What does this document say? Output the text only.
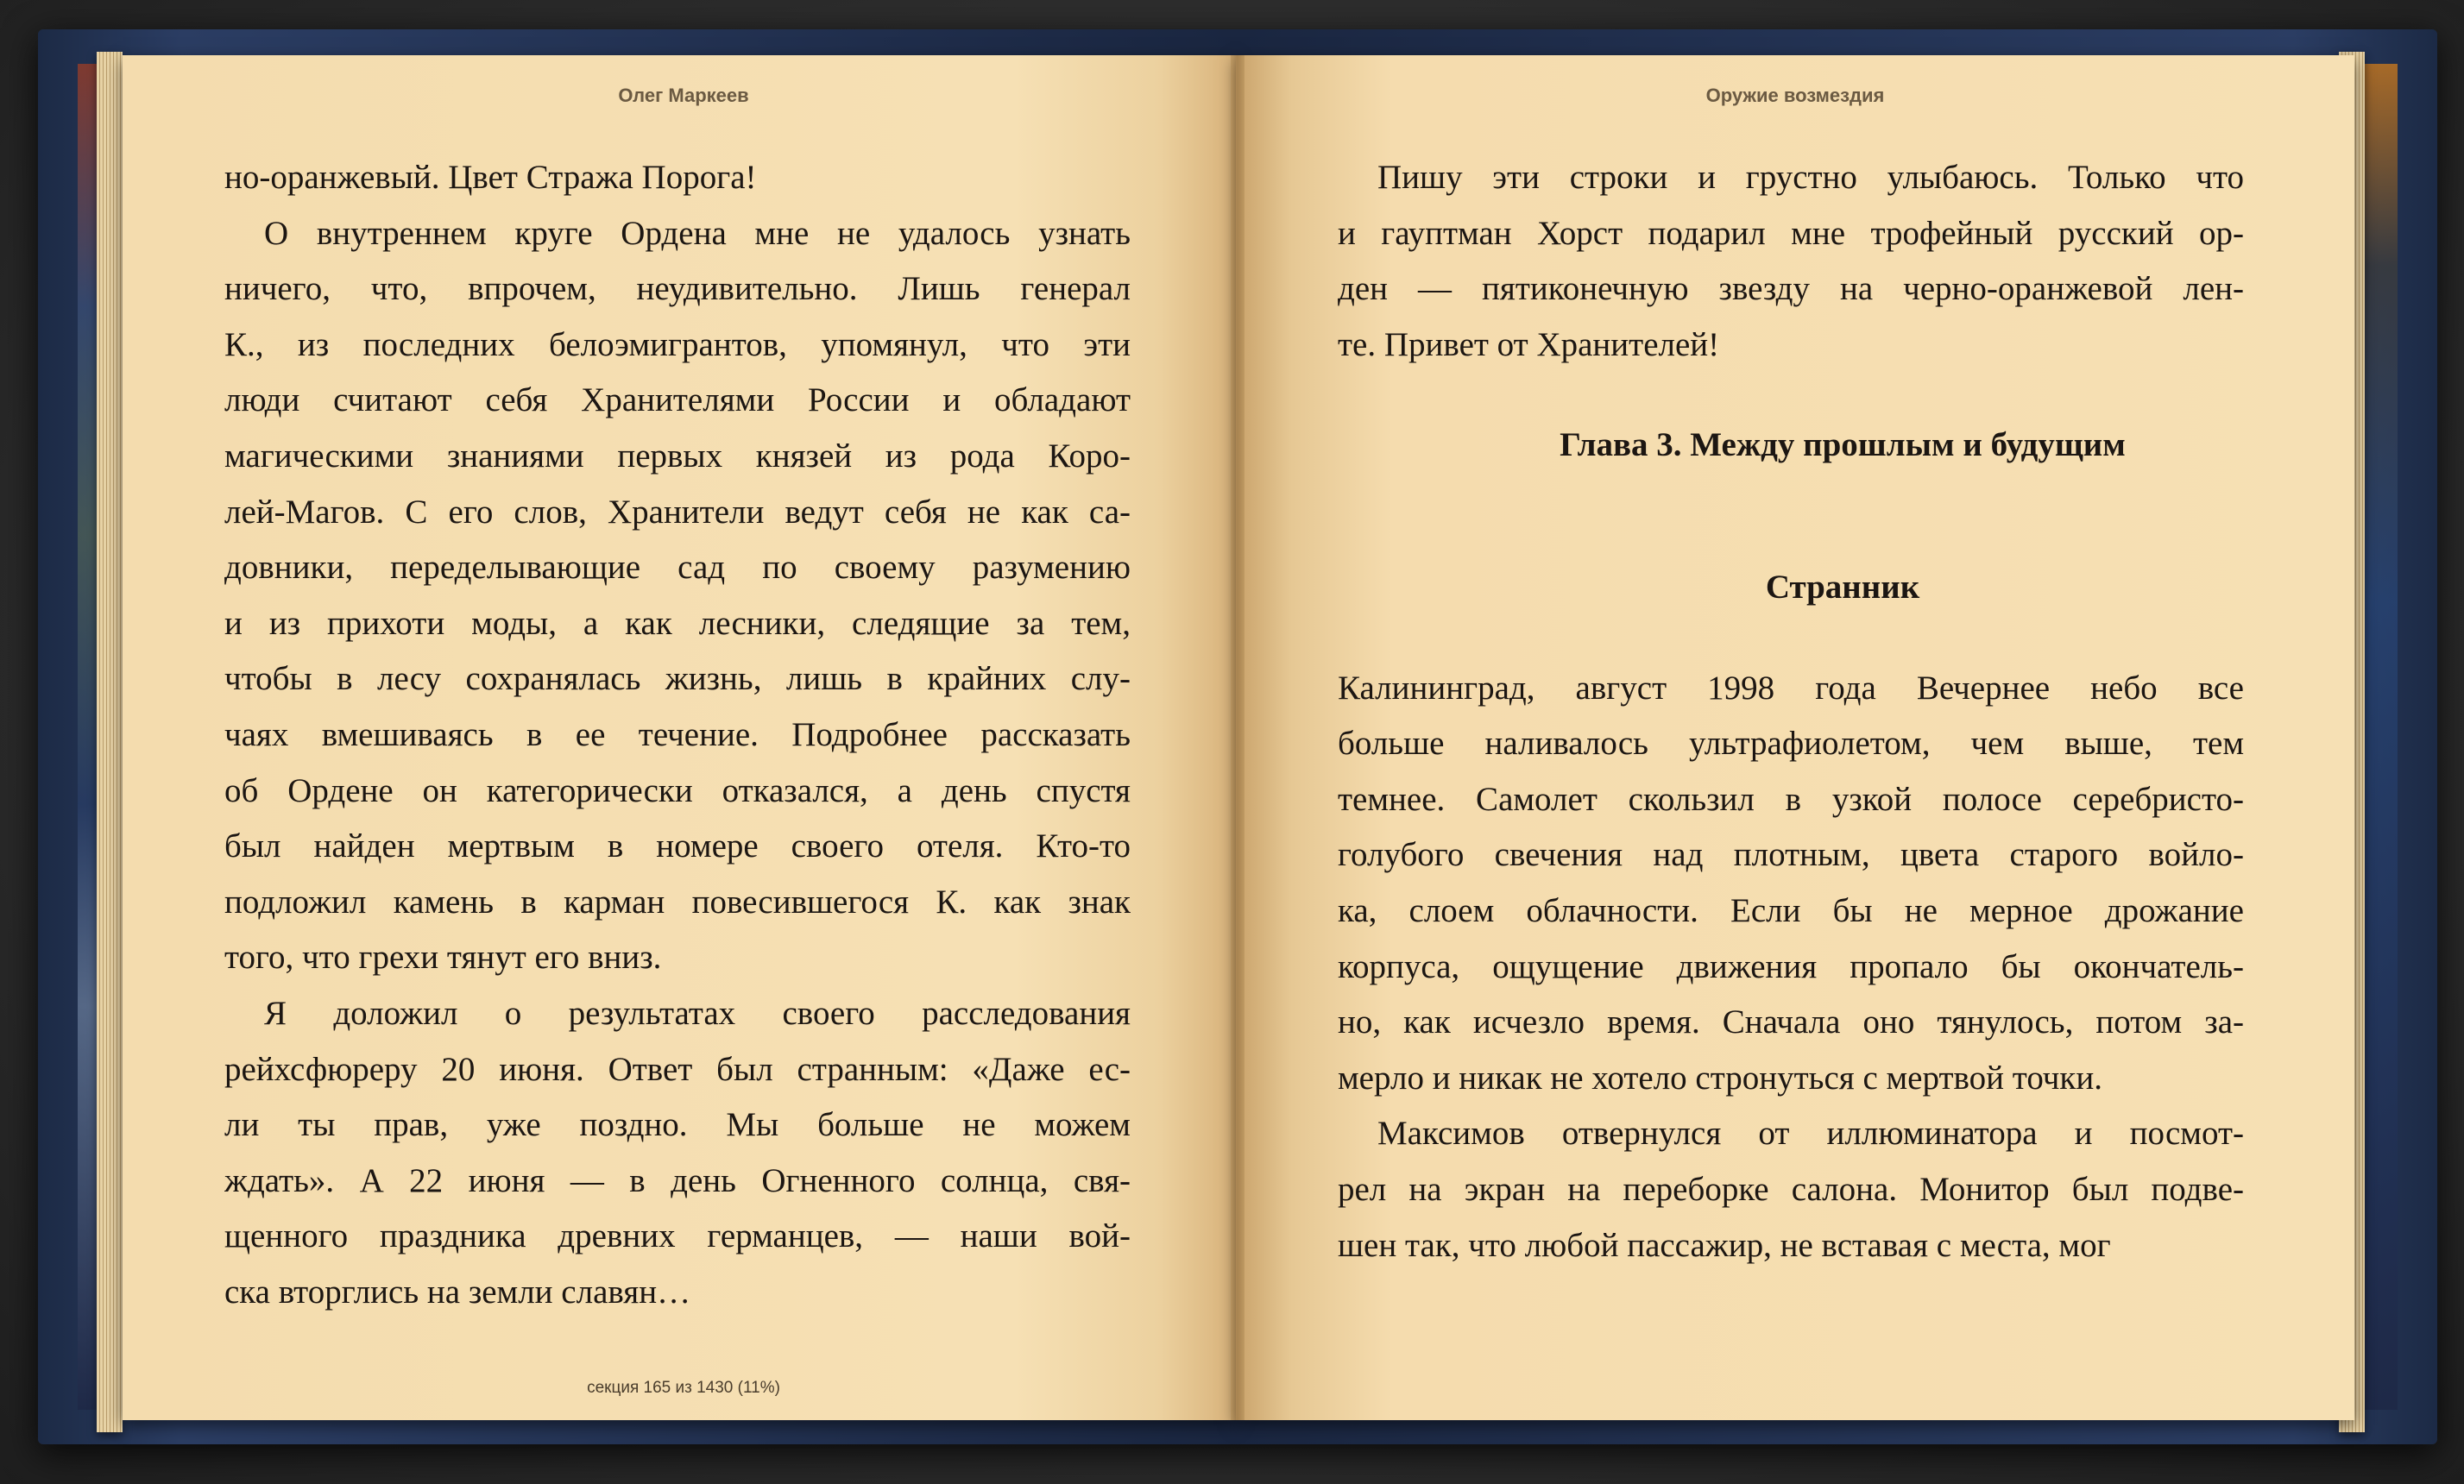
Олег Маркеев	Оружие возмездия
но-оранжевый. Цвет Стража Порога!
О внутреннем круге Ордена мне не удалось узнать
ничего, что, впрочем, неудивительно. Лишь генерал
К., из последних белоэмигрантов, упомянул, что эти
люди считают себя Хранителями России и обладают
магическими знаниями первых князей из рода Коро-
лей-Магов. С его слов, Хранители ведут себя не как са-
довники, переделывающие сад по своему разумению
и из прихоти моды, а как лесники, следящие за тем,
чтобы в лесу сохранялась жизнь, лишь в крайних слу-
чаях вмешиваясь в ее течение. Подробнее рассказать
об Ордене он категорически отказался, а день спустя
был найден мертвым в номере своего отеля. Кто-то
подложил камень в карман повесившегося К. как знак
того, что грехи тянут его вниз.
Я доложил о результатах своего расследования
рейхсфюреру 20 июня. Ответ был странным: «Даже ес-
ли ты прав, уже поздно. Мы больше не можем
ждать». А 22 июня — в день Огненного солнца, свя-
щенного праздника древних германцев, — наши вой-
ска вторглись на земли славян…
Пишу эти строки и грустно улыбаюсь. Только что
и гауптман Хорст подарил мне трофейный русский ор-
ден — пятиконечную звезду на черно-оранжевой лен-
те. Привет от Хранителей!
Глава 3. Между прошлым и будущим
Странник
Калининград, август 1998 года Вечернее небо все
больше наливалось ультрафиолетом, чем выше, тем
темнее. Самолет скользил в узкой полосе серебристо-
голубого свечения над плотным, цвета старого войло-
ка, слоем облачности. Если бы не мерное дрожание
корпуса, ощущение движения пропало бы окончатель-
но, как исчезло время. Сначала оно тянулось, потом за-
мерло и никак не хотело стронуться с мертвой точки.
Максимов отвернулся от иллюминатора и посмот-
рел на экран на переборке салона. Монитор был подве-
шен так, что любой пассажир, не вставая с места, мог
секция 165 из 1430 (11%)
